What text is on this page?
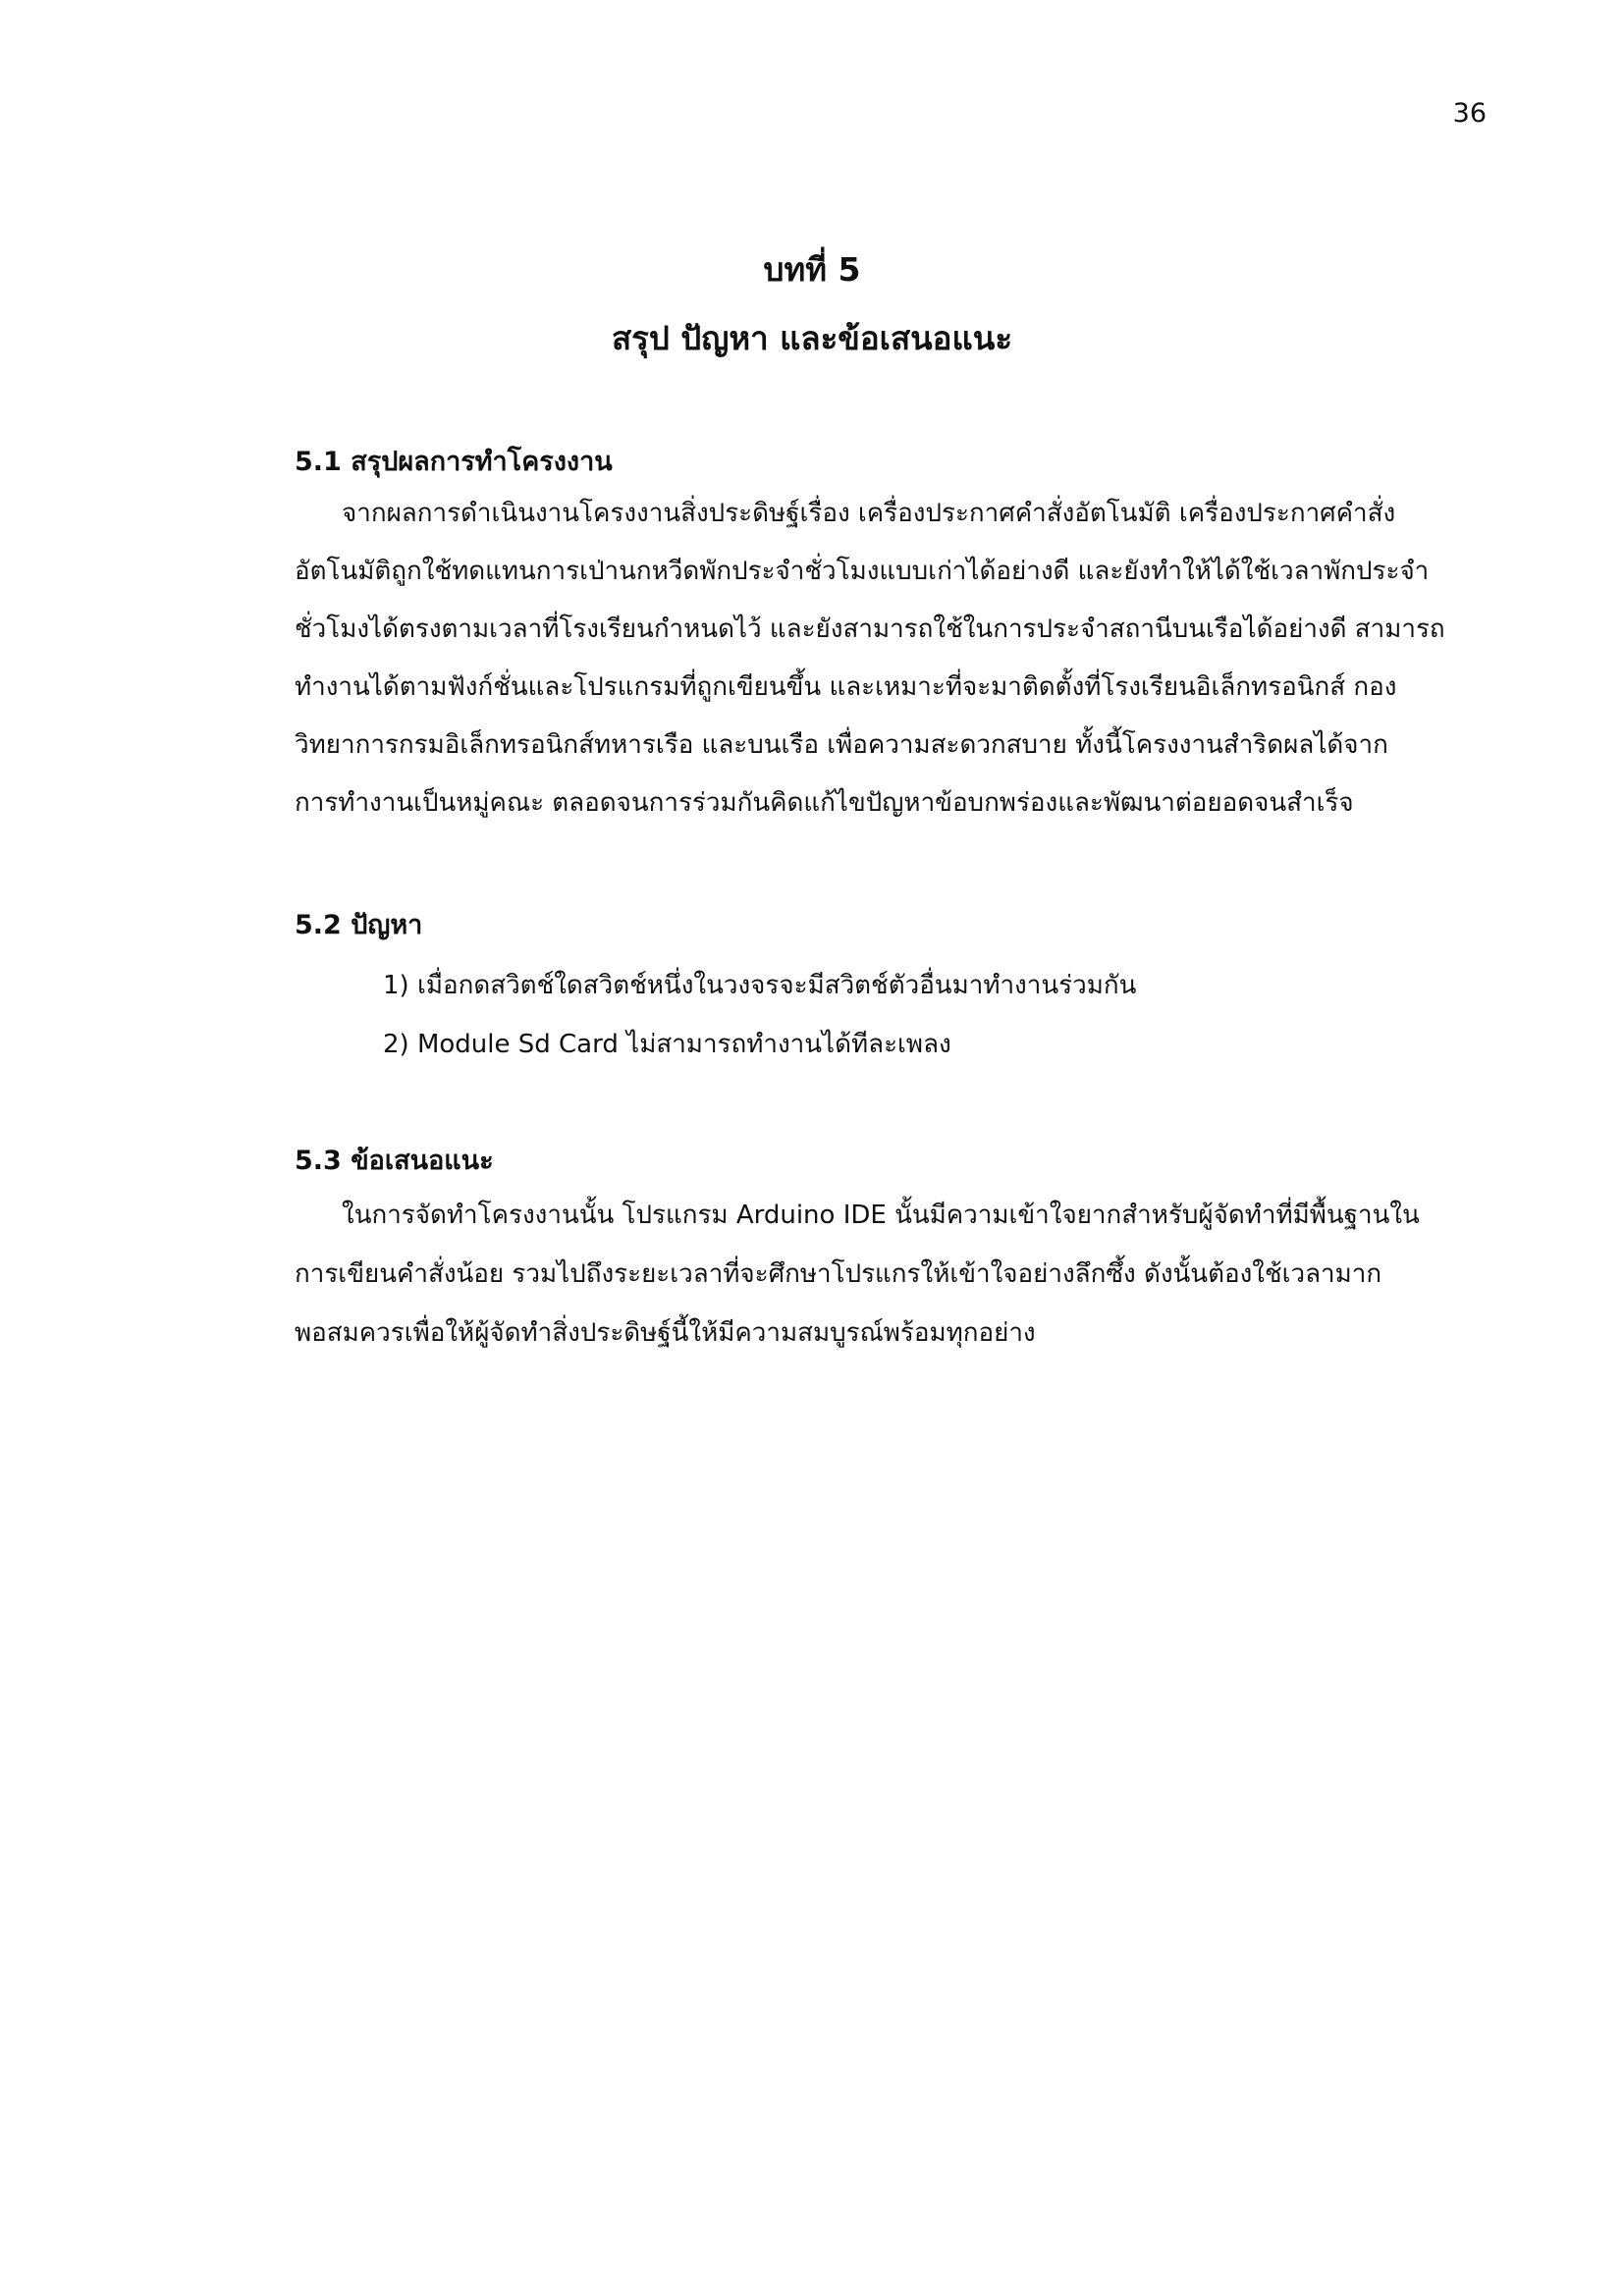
36
บทที่ 5
สรุป ปัญหา และข้อเสนอแนะ
5.1 สรุปผลการทำโครงงาน
จากผลการดำเนินงานโครงงานสิ่งประดิษฐ์เรื่อง เครื่องประกาศคำสั่งอัตโนมัติ เครื่องประกาศคำสั่ง
อัตโนมัติถูกใช้ทดแทนการเป่านกหวีดพักประจำชั่วโมงแบบเก่าได้อย่างดี และยังทำให้ได้ใช้เวลาพักประจำ
ชั่วโมงได้ตรงตามเวลาที่โรงเรียนกำหนดไว้ และยังสามารถใช้ในการประจำสถานีบนเรือได้อย่างดี สามารถ
ทำงานได้ตามฟังก์ชั่นและโปรแกรมที่ถูกเขียนขึ้น และเหมาะที่จะมาติดตั้งที่โรงเรียนอิเล็กทรอนิกส์ กอง
วิทยาการกรมอิเล็กทรอนิกส์ทหารเรือ และบนเรือ เพื่อความสะดวกสบาย ทั้งนี้โครงงานสำริดผลได้จาก
การทำงานเป็นหมู่คณะ ตลอดจนการร่วมกันคิดแก้ไขปัญหาข้อบกพร่องและพัฒนาต่อยอดจนสำเร็จ
5.2 ปัญหา
1) เมื่อกดสวิตช์ใดสวิตช์หนึ่งในวงจรจะมีสวิตช์ตัวอื่นมาทำงานร่วมกัน
2) Module Sd Card ไม่สามารถทำงานได้ทีละเพลง
5.3 ข้อเสนอแนะ
ในการจัดทำโครงงานนั้น โปรแกรม Arduino IDE นั้นมีความเข้าใจยากสำหรับผู้จัดทำที่มีพื้นฐานใน
การเขียนคำสั่งน้อย รวมไปถึงระยะเวลาที่จะศึกษาโปรแกรให้เข้าใจอย่างลึกซึ้ง ดังนั้นต้องใช้เวลามาก
พอสมควรเพื่อให้ผู้จัดทำสิ่งประดิษฐ์นี้ให้มีความสมบูรณ์พร้อมทุกอย่าง
